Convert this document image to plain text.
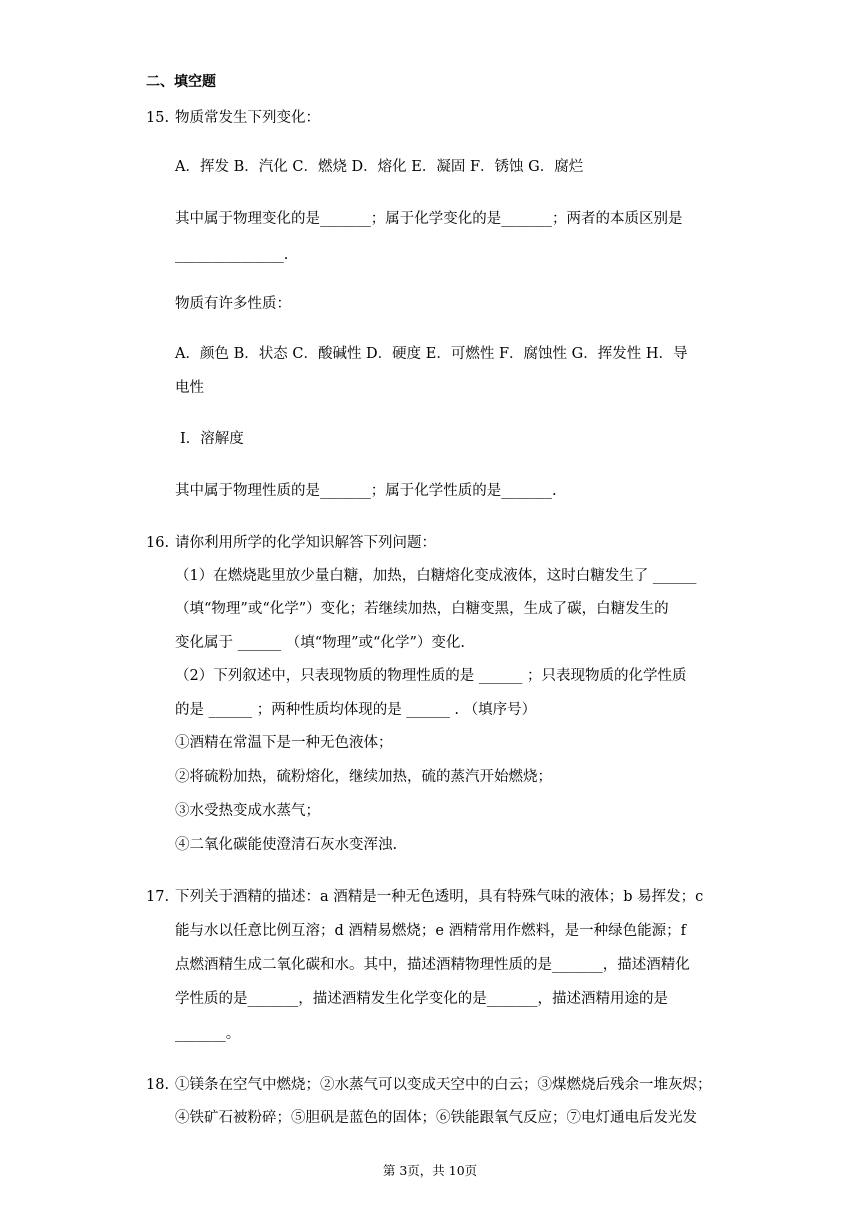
二、填空题
15. 物质常发生下列变化：
A．挥发 B．汽化 C．燃烧 D．熔化 E．凝固 F．锈蚀 G．腐烂
其中属于物理变化的是_______；属于化学变化的是_______；两者的本质区别是
_______________.
物质有许多性质：
A．颜色 B．状态 C．酸碱性 D．硬度 E．可燃性 F．腐蚀性 G．挥发性 H．导
电性
I．溶解度
其中属于物理性质的是_______；属于化学性质的是_______.
16. 请你利用所学的化学知识解答下列问题：
（1）在燃烧匙里放少量白糖，加热，白糖熔化变成液体，这时白糖发生了 ______
（填“物理”或“化学”）变化；若继续加热，白糖变黑，生成了碳，白糖发生的
变化属于 ______ （填“物理”或“化学”）变化.
（2）下列叙述中，只表现物质的物理性质的是 ______ ；只表现物质的化学性质
的是 ______ ；两种性质均体现的是 ______ . （填序号）
①酒精在常温下是一种无色液体；
②将硫粉加热，硫粉熔化，继续加热，硫的蒸汽开始燃烧；
③水受热变成水蒸气；
④二氧化碳能使澄清石灰水变浑浊.
17. 下列关于酒精的描述：a 酒精是一种无色透明，具有特殊气味的液体；b 易挥发；c
能与水以任意比例互溶；d 酒精易燃烧；e 酒精常用作燃料，是一种绿色能源；f
点燃酒精生成二氧化碳和水。其中，描述酒精物理性质的是_______，描述酒精化
学性质的是_______，描述酒精发生化学变化的是_______，描述酒精用途的是
_______。
18. ①镁条在空气中燃烧；②水蒸气可以变成天空中的白云；③煤燃烧后残余一堆灰烬；
④铁矿石被粉碎；⑤胆矾是蓝色的固体；⑥铁能跟氧气反应；⑦电灯通电后发光发
第 3页，共 10页
